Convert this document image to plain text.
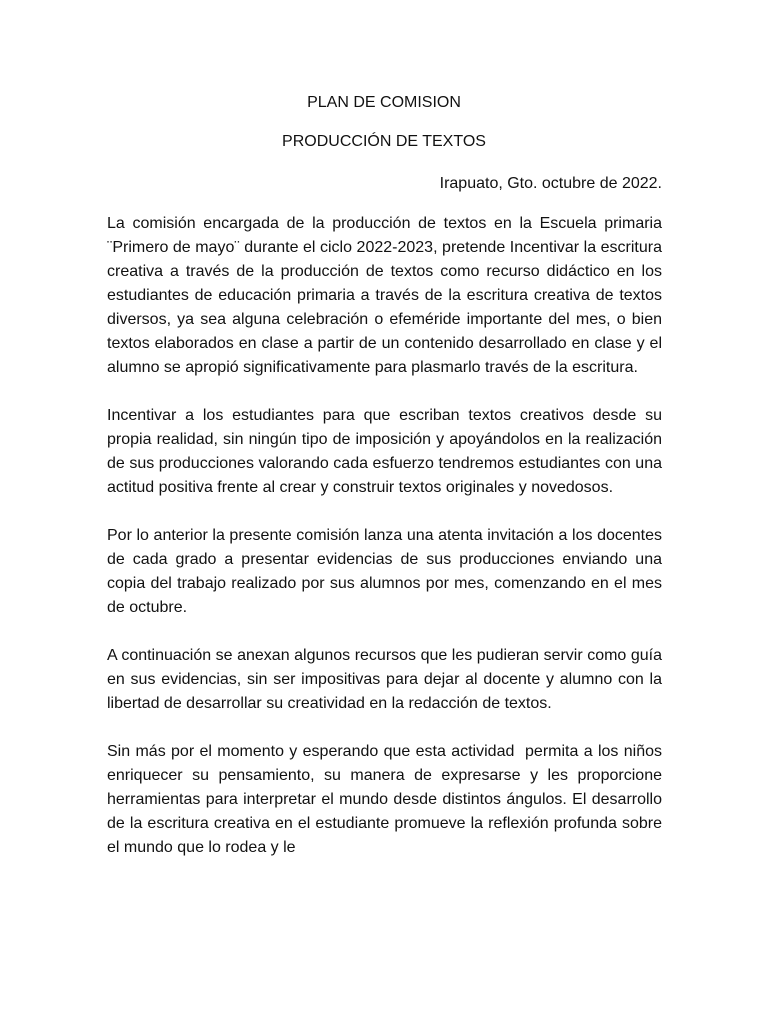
PLAN DE COMISION
PRODUCCIÓN DE TEXTOS

Irapuato, Gto. octubre de 2022.

La comisión encargada de la producción de textos en la Escuela primaria  ¨Primero de mayo¨ durante el ciclo 2022-2023, pretende Incentivar la escritura creativa a través de la producción de textos como recurso didáctico en los estudiantes de educación primaria a través de la escritura creativa de textos diversos, ya sea alguna celebración o efeméride importante del mes, o bien textos elaborados en clase a partir de un contenido desarrollado en clase y el alumno se apropió significativamente para plasmarlo través de la escritura.

Incentivar a los estudiantes para que escriban textos creativos desde su propia realidad, sin ningún tipo de imposición y apoyándolos en la realización de sus producciones valorando cada esfuerzo tendremos estudiantes con una actitud positiva frente al crear y construir textos originales y novedosos.

Por lo anterior la presente comisión lanza una atenta invitación a los docentes de cada grado a presentar evidencias de sus producciones enviando una copia del trabajo realizado por sus alumnos por mes, comenzando en el mes de octubre.

A continuación se anexan algunos recursos que les pudieran servir como guía en sus evidencias, sin ser impositivas para dejar al docente y alumno con la libertad de desarrollar su creatividad en la redacción de textos.

Sin más por el momento y esperando que esta actividad  permita a los niños enriquecer su pensamiento, su manera de expresarse y les proporcione herramientas para interpretar el mundo desde distintos ángulos. El desarrollo de la escritura creativa en el estudiante promueve la reflexión profunda sobre el mundo que lo rodea y le
